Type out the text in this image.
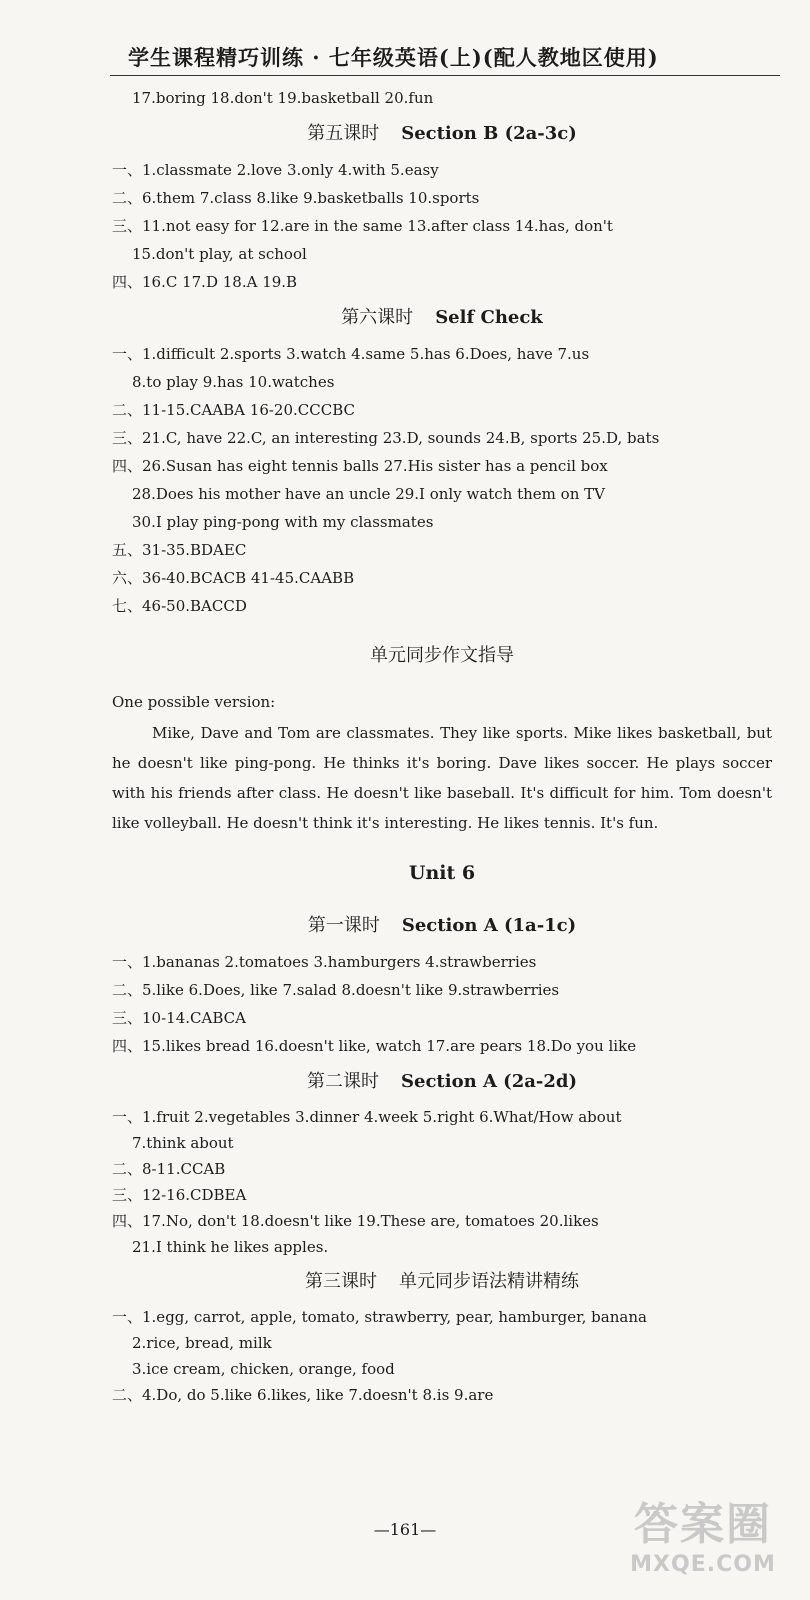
学生课程精巧训练 · 七年级英语(上)(配人教地区使用)
17.boring 18.don't 19.basketball 20.fun
第五课时 Section B (2a-3c)
一、1.classmate 2.love 3.only 4.with 5.easy
二、6.them 7.class 8.like 9.basketballs 10.sports
三、11.not easy for 12.are in the same 13.after class 14.has, don't
15.don't play, at school
四、16.C 17.D 18.A 19.B
第六课时 Self Check
一、1.difficult 2.sports 3.watch 4.same 5.has 6.Does, have 7.us
8.to play 9.has 10.watches
二、11-15.CAABA 16-20.CCCBC
三、21.C, have 22.C, an interesting 23.D, sounds 24.B, sports 25.D, bats
四、26.Susan has eight tennis balls 27.His sister has a pencil box
28.Does his mother have an uncle 29.I only watch them on TV
30.I play ping-pong with my classmates
五、31-35.BDAEC
六、36-40.BCACB 41-45.CAABB
七、46-50.BACCD
单元同步作文指导
One possible version:
Mike, Dave and Tom are classmates. They like sports. Mike likes basketball, but he doesn't like ping-pong. He thinks it's boring. Dave likes soccer. He plays soccer with his friends after class. He doesn't like baseball. It's difficult for him. Tom doesn't like volleyball. He doesn't think it's interesting. He likes tennis. It's fun.
Unit 6
第一课时 Section A (1a-1c)
一、1.bananas 2.tomatoes 3.hamburgers 4.strawberries
二、5.like 6.Does, like 7.salad 8.doesn't like 9.strawberries
三、10-14.CABCA
四、15.likes bread 16.doesn't like, watch 17.are pears 18.Do you like
第二课时 Section A (2a-2d)
一、1.fruit 2.vegetables 3.dinner 4.week 5.right 6.What/How about
7.think about
二、8-11.CCAB
三、12-16.CDBEA
四、17.No, don't 18.doesn't like 19.These are, tomatoes 20.likes
21.I think he likes apples.
第三课时 单元同步语法精讲精练
一、1.egg, carrot, apple, tomato, strawberry, pear, hamburger, banana
2.rice, bread, milk
3.ice cream, chicken, orange, food
二、4.Do, do 5.like 6.likes, like 7.doesn't 8.is 9.are
—161—	答案圈
MXQE.COM
